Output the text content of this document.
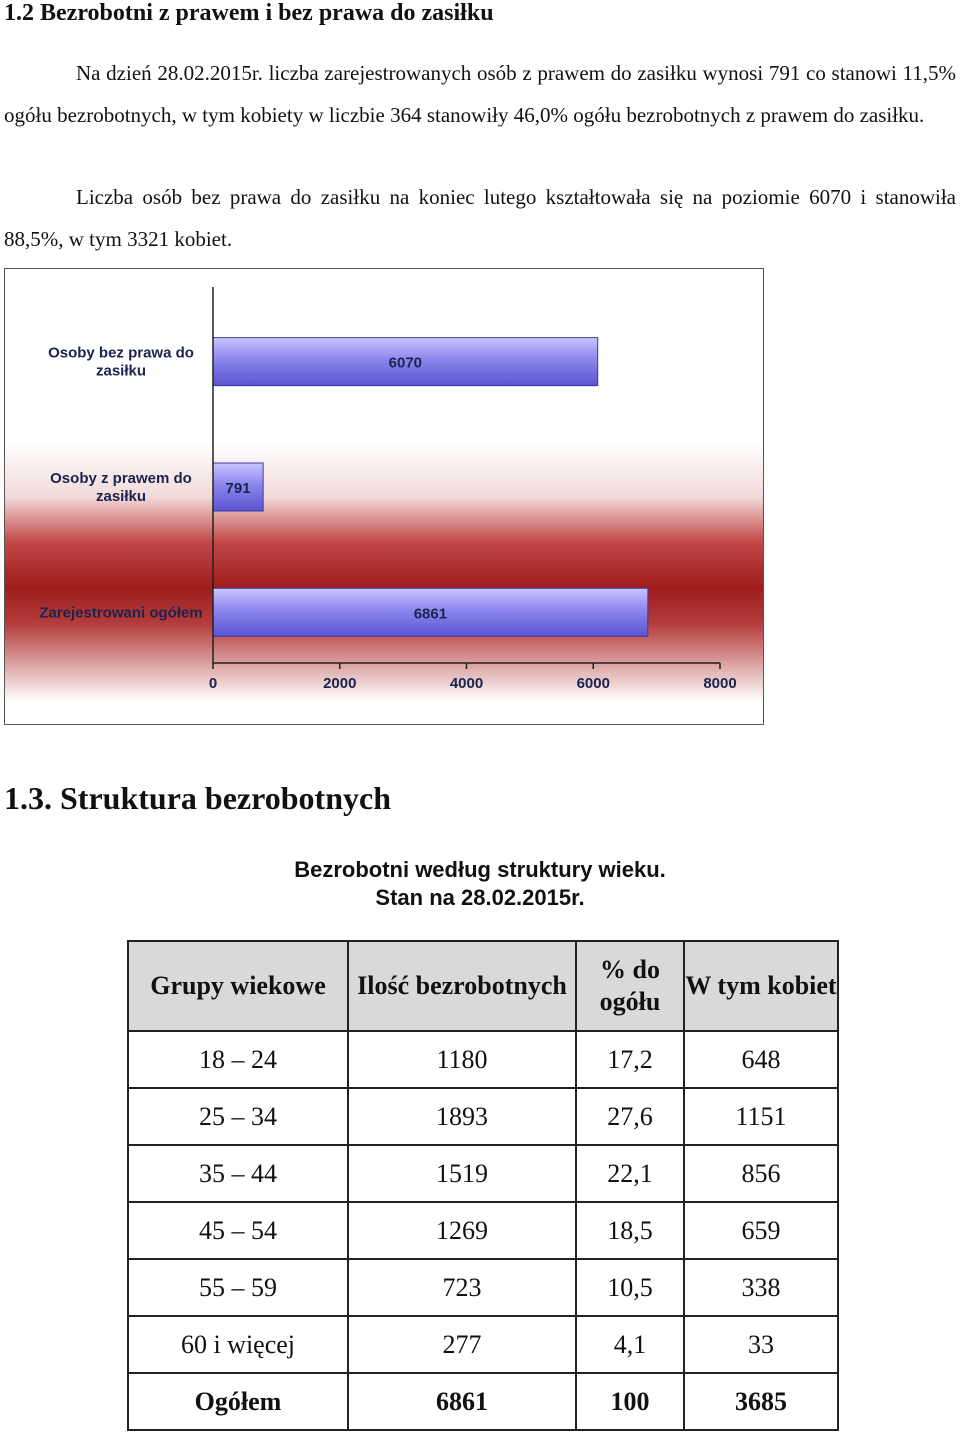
1.2 Bezrobotni z prawem i bez prawa do zasiłku
Na dzień 28.02.2015r. liczba zarejestrowanych osób z prawem do zasiłku wynosi 791 co stanowi 11,5% ogółu bezrobotnych, w tym kobiety w liczbie 364 stanowiły 46,0% ogółu bezrobotnych z prawem do zasiłku.
Liczba osób bez prawa do zasiłku na koniec lutego kształtowała się na poziomie 6070 i stanowiła 88,5%, w tym 3321 kobiet.
Osoby bez prawa do zasiłku	6070
Osoby z prawem do zasiłku	791
Zarejestrowani ogółem	6861
0	2000	4000	6000	8000
1.3. Struktura bezrobotnych
Bezrobotni według struktury wieku.
Stan na 28.02.2015r.
Grupy wiekowe	Ilość bezrobotnych	% do ogółu	W tym kobiet
18 – 24	1180	17,2	648
25 – 34	1893	27,6	1151
35 – 44	1519	22,1	856
45 – 54	1269	18,5	659
55 – 59	723	10,5	338
60 i więcej	277	4,1	33
Ogółem	6861	100	3685
